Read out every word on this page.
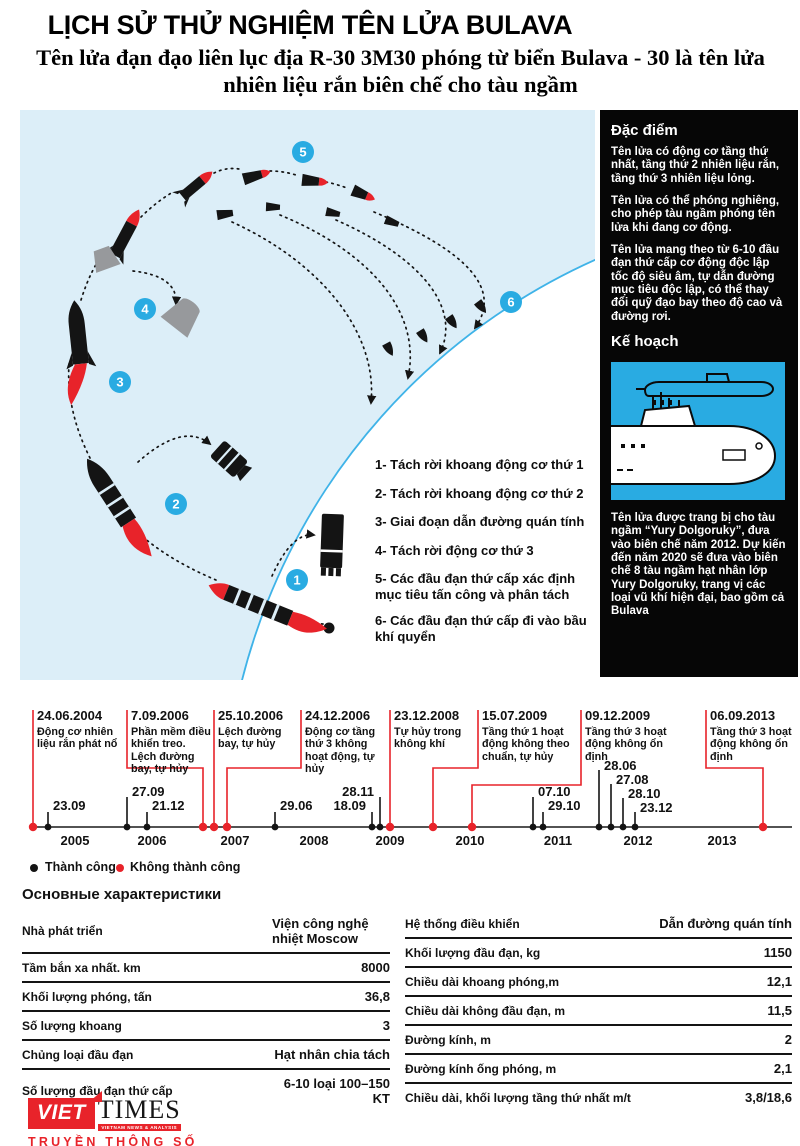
LỊCH SỬ THỬ NGHIỆM TÊN LỬA BULAVA
Tên lửa đạn đạo liên lục địa R-30 3M30 phóng từ biển Bulava - 30 là tên lửa nhiên liệu rắn biên chế cho tàu ngầm
1
2
3
4
5
6
1- Tách rời khoang động cơ thứ 1
2- Tách rời khoang động cơ thứ 2
3- Giai đoạn dẫn đường quán tính
4- Tách rời động cơ thứ 3
5- Các đầu đạn thứ cấp xác định mục tiêu tấn công và phân tách
6- Các đầu đạn thứ cấp đi vào bầu khí quyển
Đặc điểm
Tên lửa có động cơ tầng thứ nhất, tầng thứ 2 nhiên liệu rắn, tầng thứ 3 nhiên liệu lỏng.
Tên lửa có thể phóng nghiêng, cho phép tàu ngầm phóng tên lửa khi đang cơ động.
Tên lửa mang theo từ 6-10 đầu đạn thứ cấp cơ động độc lập tốc độ siêu âm, tự dẫn đường mục tiêu độc lập, có thể thay đổi quỹ đạo bay theo độ cao và đường rơi.
Kế hoạch
Tên lửa được trang bị cho tàu ngầm “Yury Dolgoruky”, đưa vào biên chế năm 2012. Dự kiến đến năm 2020 sẽ đưa vào biên chế 8 tàu ngầm hạt nhân lớp Yury Dolgoruky, trang vị các loại vũ khí hiện đại, bao gồm cả Bulava
24.06.2004
Động cơ nhiên liệu rắn phát nổ
7.09.2006
Phần mềm điều khiển treo. Lệch đường bay, tự hủy
25.10.2006
Lệch đường bay, tự hủy
24.12.2006
Động cơ tầng thứ 3 không hoạt động, tự hủy
23.12.2008
Tự hủy trong không khí
15.07.2009
Tầng thứ 1 hoạt động không theo chuẩn, tự hủy
09.12.2009
Tầng thứ 3 hoạt động không ổn định
06.09.2013
Tầng thứ 3 hoạt động không ổn định
23.09
27.09
21.12	29.06	18.09
28.11	07.10
29.10
28.06
27.08
28.10
23.12
2005	2006	2007	2008	2009	2010	2011	2012	2013
Thành công Không thành công
Основные характеристики
Nhà phát triển	Viện công nghệ nhiệt Moscow
Tầm bắn xa nhất. km	8000
Khối lượng phóng, tấn	36,8
Số lượng khoang	3
Chủng loại đầu đạn	Hạt nhân chia tách
Số lượng đầu đạn thứ cấp	6-10 loại 100–150 KT
Hệ thống điều khiển	Dẫn đường quán tính
Khối lượng đầu đạn, kg	1150
Chiều dài khoang phóng,m	12,1
Chiều dài không đầu đạn, m	11,5
Đường kính, m	2
Đường kính ống phóng, m	2,1
Chiều dài, khối lượng tầng thứ nhất m/t	3,8/18,6
VIET TIMES
VIETNAM NEWS & ANALYSIS
TRUYỀN THÔNG SỐ
